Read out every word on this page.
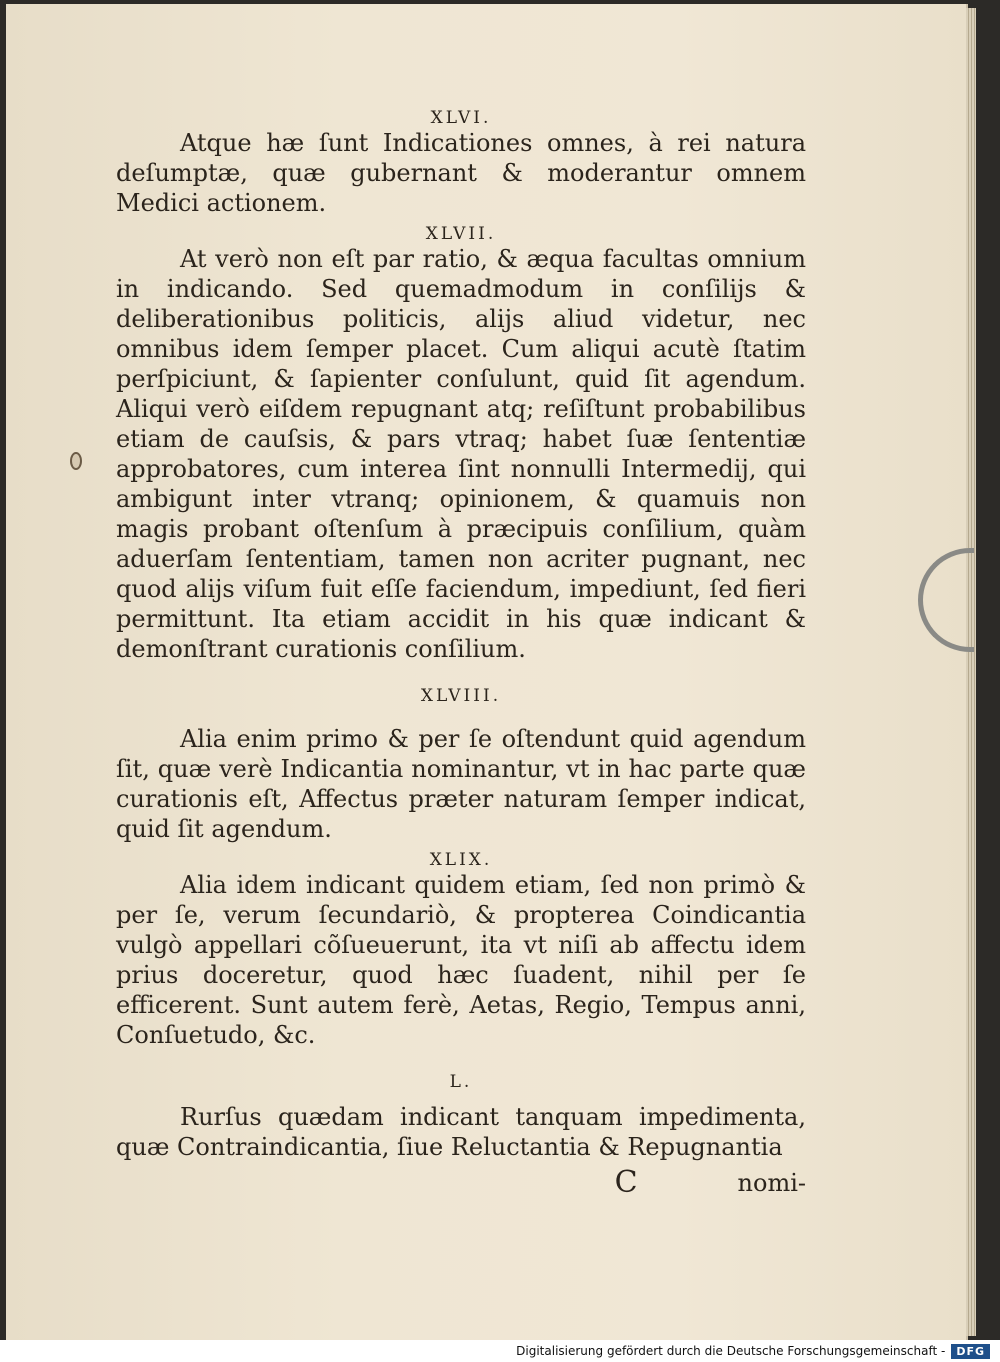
XLVI.

Atque hæ ſunt Indicationes omnes, à rei natura deſumptæ, quæ gubernant & moderantur omnem Medici actionem.

XLVII.

At verò non eſt par ratio, & æqua facultas omnium in indicando. Sed quemadmodum in conſilijs & deliberationibus politicis, alijs aliud videtur, nec omnibus idem ſemper placet. Cum aliqui acutè ſtatim perſpiciunt, & ſapienter conſulunt, quid ſit agendum. Aliqui verò eiſdem repugnant atq; reſiſtunt probabilibus etiam de cauſsis, & pars vtraq; habet ſuæ ſententiæ approbatores, cum interea ſint nonnulli Intermedij, qui ambigunt inter vtranq; opinionem, & quamuis non magis probant oſtenſum à præcipuis conſilium, quàm aduerſam ſententiam, tamen non acriter pugnant, nec quod alijs viſum fuit eſſe faciendum, impediunt, ſed fieri permittunt. Ita etiam accidit in his quæ indicant & demonſtrant curationis conſilium.

XLVIII.

Alia enim primo & per ſe oſtendunt quid agendum ſit, quæ verè Indicantia nominantur, vt in hac parte quæ curationis eſt, Affectus præter naturam ſemper indicat, quid ſit agendum.

XLIX.

Alia idem indicant quidem etiam, ſed non primò & per ſe, verum ſecundariò, & propterea Coindicantia vulgò appellari cõſueuerunt, ita vt niſi ab affectu idem prius doceretur, quod hæc ſuadent, nihil per ſe efficerent. Sunt autem ferè, Aetas, Regio, Tempus anni, Conſuetudo, &c.

L.

Rurſus quædam indicant tanquam impedimenta, quæ Contraindicantia, ſiue Reluctantia & Repugnantia

C	nomi-
Digitalisierung gefördert durch die Deutsche Forschungsgemeinschaft -	DFG
